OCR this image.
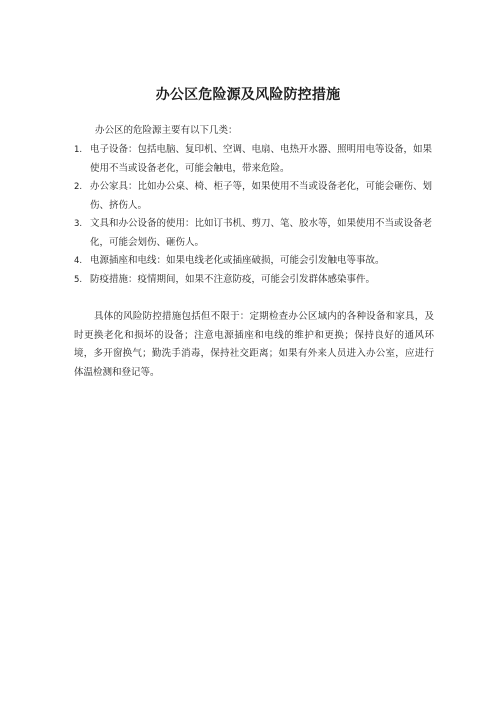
办公区危险源及风险防控措施
办公区的危险源主要有以下几类：
1. 电子设备：包括电脑、复印机、空调、电扇、电热开水器、照明用电等设备，如果使用不当或设备老化，可能会触电，带来危险。
2. 办公家具：比如办公桌、椅、柜子等，如果使用不当或设备老化，可能会砸伤、划伤、挤伤人。
3. 文具和办公设备的使用：比如订书机、剪刀、笔、胶水等，如果使用不当或设备老化，可能会划伤、砸伤人。
4. 电源插座和电线：如果电线老化或插座破损，可能会引发触电等事故。
5. 防疫措施：疫情期间，如果不注意防疫，可能会引发群体感染事件。

具体的风险防控措施包括但不限于：定期检查办公区域内的各种设备和家具，及时更换老化和损坏的设备；注意电源插座和电线的维护和更换；保持良好的通风环境，多开窗换气；勤洗手消毒，保持社交距离；如果有外来人员进入办公室，应进行体温检测和登记等。
